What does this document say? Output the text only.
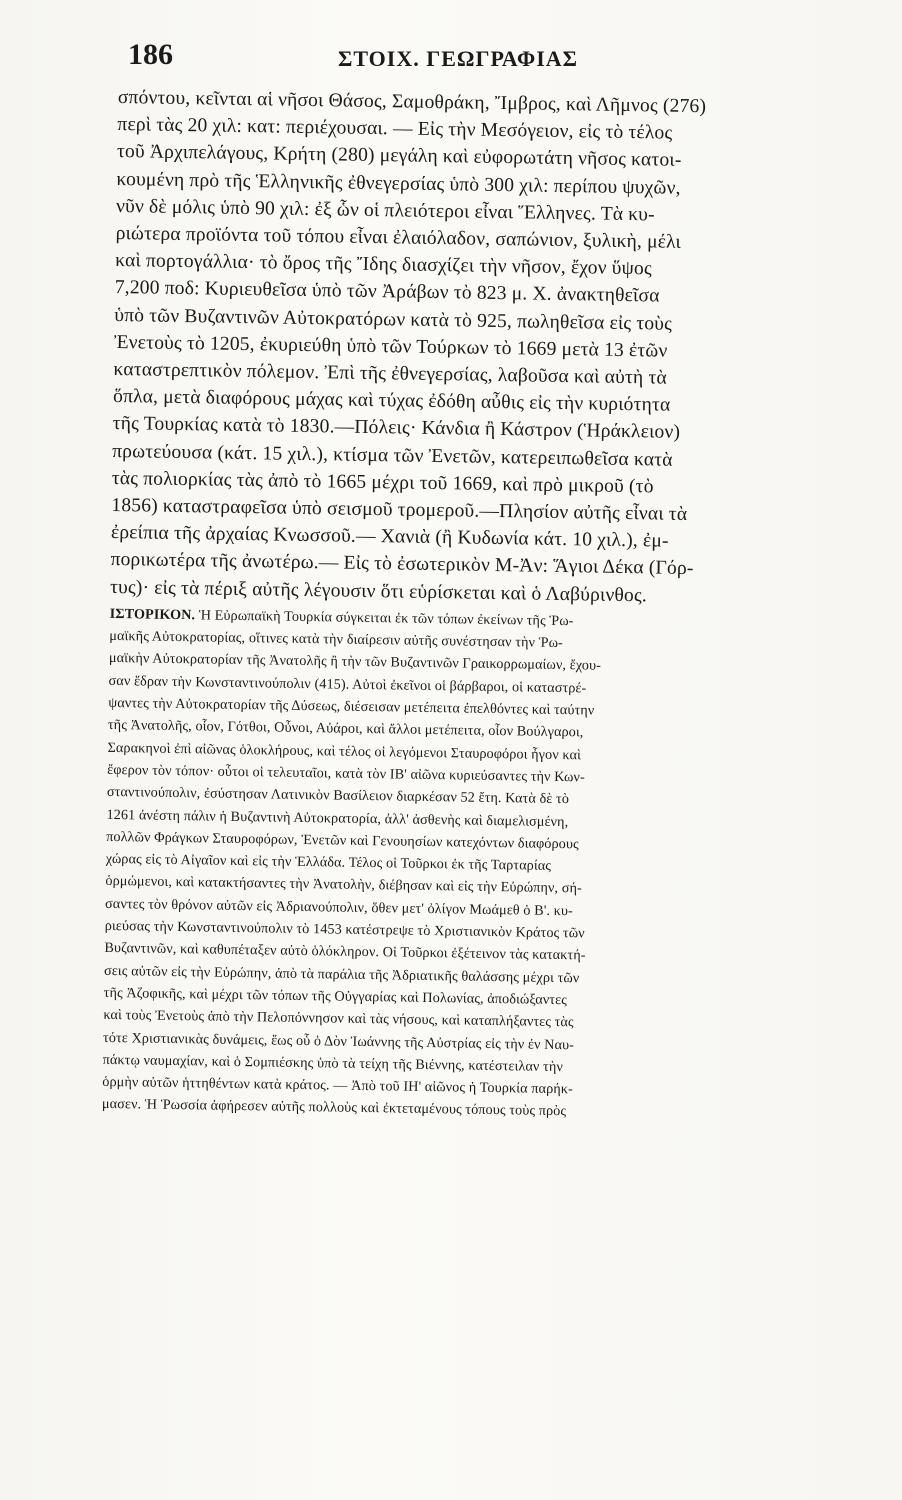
186	ΣΤΟΙΧ. ΓΕΩΓΡΑΦΙΑΣ
σπόντου, κεῖνται αἱ νῆσοι Θάσος, Σαμοθράκη, Ἴμβρος, καὶ Λῆμνος (276)
περὶ τὰς 20 χιλ: κατ: περιέχουσαι. — Εἰς τὴν Μεσόγειον, εἰς τὸ τέλος
τοῦ Ἀρχιπελάγους, Κρήτη (280) μεγάλη καὶ εὐφορωτάτη νῆσος κατοι-
κουμένη πρὸ τῆς Ἑλληνικῆς ἐθνεγερσίας ὑπὸ 300 χιλ: περίπου ψυχῶν,
νῦν δὲ μόλις ὑπὸ 90 χιλ: ἐξ ὧν οἱ πλειότεροι εἶναι Ἕλληνες. Τὰ κυ-
ριώτερα προϊόντα τοῦ τόπου εἶναι ἐλαιόλαδον, σαπώνιον, ξυλικὴ, μέλι
καὶ πορτογάλλια· τὸ ὄρος τῆς Ἴδης διασχίζει τὴν νῆσον, ἔχον ὕψος
7,200 ποδ: Κυριευθεῖσα ὑπὸ τῶν Ἀράβων τὸ 823 μ. Χ. ἀνακτηθεῖσα
ὑπὸ τῶν Βυζαντινῶν Αὐτοκρατόρων κατὰ τὸ 925, πωληθεῖσα εἰς τοὺς
Ἐνετοὺς τὸ 1205, ἐκυριεύθη ὑπὸ τῶν Τούρκων τὸ 1669 μετὰ 13 ἐτῶν
καταστρεπτικὸν πόλεμον. Ἐπὶ τῆς ἐθνεγερσίας, λαβοῦσα καὶ αὐτὴ τὰ
ὅπλα, μετὰ διαφόρους μάχας καὶ τύχας ἐδόθη αὖθις εἰς τὴν κυριότητα
τῆς Τουρκίας κατὰ τὸ 1830.—Πόλεις· Κάνδια ἢ Κάστρον (Ἡράκλειον)
πρωτεύουσα (κάτ. 15 χιλ.), κτίσμα τῶν Ἐνετῶν, κατερειπωθεῖσα κατὰ
τὰς πολιορκίας τὰς ἀπὸ τὸ 1665 μέχρι τοῦ 1669, καὶ πρὸ μικροῦ (τὸ
1856) καταστραφεῖσα ὑπὸ σεισμοῦ τρομεροῦ.—Πλησίον αὐτῆς εἶναι τὰ
ἐρείπια τῆς ἀρχαίας Κνωσσοῦ.— Χανιὰ (ἢ Κυδωνία κάτ. 10 χιλ.), ἐμ-
πορικωτέρα τῆς ἀνωτέρω.— Εἰς τὸ ἐσωτερικὸν Μ-Ἀν: Ἅγιοι Δέκα (Γόρ-
τυς)· εἰς τὰ πέριξ αὐτῆς λέγουσιν ὅτι εὑρίσκεται καὶ ὁ Λαβύρινθος.
ΙΣΤΟΡΙΚΟΝ. Ἡ Εὐρωπαϊκὴ Τουρκία σύγκειται ἐκ τῶν τόπων ἐκείνων τῆς Ῥω-
μαϊκῆς Αὐτοκρατορίας, οἵτινες κατὰ τὴν διαίρεσιν αὐτῆς συνέστησαν τὴν Ῥω-
μαϊκὴν Αὐτοκρατορίαν τῆς Ἀνατολῆς ἢ τὴν τῶν Βυζαντινῶν Γραικορρωμαίων, ἔχου-
σαν ἕδραν τὴν Κωνσταντινούπολιν (415). Αὐτοὶ ἐκεῖνοι οἱ βάρβαροι, οἱ καταστρέ-
ψαντες τὴν Αὐτοκρατορίαν τῆς Δύσεως, διέσεισαν μετέπειτα ἐπελθόντες καὶ ταύτην
τῆς Ἀνατολῆς, οἷον, Γότθοι, Οὖνοι, Αὐάροι, καὶ ἄλλοι μετέπειτα, οἷον Βούλγαροι,
Σαρακηνοὶ ἐπὶ αἰῶνας ὁλοκλήρους, καὶ τέλος οἱ λεγόμενοι Σταυροφόροι ἦγον καὶ
ἔφερον τὸν τόπον· οὗτοι οἱ τελευταῖοι, κατὰ τὸν ΙΒ' αἰῶνα κυριεύσαντες τὴν Κων-
σταντινούπολιν, ἐσύστησαν Λατινικὸν Βασίλειον διαρκέσαν 52 ἔτη. Κατὰ δὲ τὸ
1261 ἀνέστη πάλιν ἡ Βυζαντινὴ Αὐτοκρατορία, ἀλλ' ἀσθενὴς καὶ διαμελισμένη,
πολλῶν Φράγκων Σταυροφόρων, Ἐνετῶν καὶ Γενουησίων κατεχόντων διαφόρους
χώρας εἰς τὸ Αἰγαῖον καὶ εἰς τὴν Ἑλλάδα. Τέλος οἱ Τοῦρκοι ἐκ τῆς Ταρταρίας
ὁρμώμενοι, καὶ κατακτήσαντες τὴν Ἀνατολὴν, διέβησαν καὶ εἰς τὴν Εὐρώπην, σή-
σαντες τὸν θρόνον αὐτῶν εἰς Ἀδριανούπολιν, ὅθεν μετ' ὀλίγον Μωάμεθ ὁ Β'. κυ-
ριεύσας τὴν Κωνσταντινούπολιν τὸ 1453 κατέστρεψε τὸ Χριστιανικὸν Κράτος τῶν
Βυζαντινῶν, καὶ καθυπέταξεν αὐτὸ ὁλόκληρον. Οἱ Τοῦρκοι ἐξέτεινον τὰς κατακτή-
σεις αὐτῶν εἰς τὴν Εὐρώπην, ἀπὸ τὰ παράλια τῆς Ἀδριατικῆς θαλάσσης μέχρι τῶν
τῆς Ἀζοφικῆς, καὶ μέχρι τῶν τόπων τῆς Οὐγγαρίας καὶ Πολωνίας, ἀποδιώξαντες
καὶ τοὺς Ἐνετοὺς ἀπὸ τὴν Πελοπόννησον καὶ τὰς νήσους, καὶ καταπλήξαντες τὰς
τότε Χριστιανικὰς δυνάμεις, ἕως οὗ ὁ Δὸν Ἰωάννης τῆς Αὐστρίας εἰς τὴν ἐν Ναυ-
πάκτῳ ναυμαχίαν, καὶ ὁ Σομπιέσκης ὑπὸ τὰ τείχη τῆς Βιέννης, κατέστειλαν τὴν
ὁρμὴν αὐτῶν ἡττηθέντων κατὰ κράτος. — Ἀπὸ τοῦ ΙΗ' αἰῶνος ἡ Τουρκία παρήκ-
μασεν. Ἡ Ῥωσσία ἀφήρεσεν αὐτῆς πολλοὺς καὶ ἐκτεταμένους τόπους τοὺς πρὸς
